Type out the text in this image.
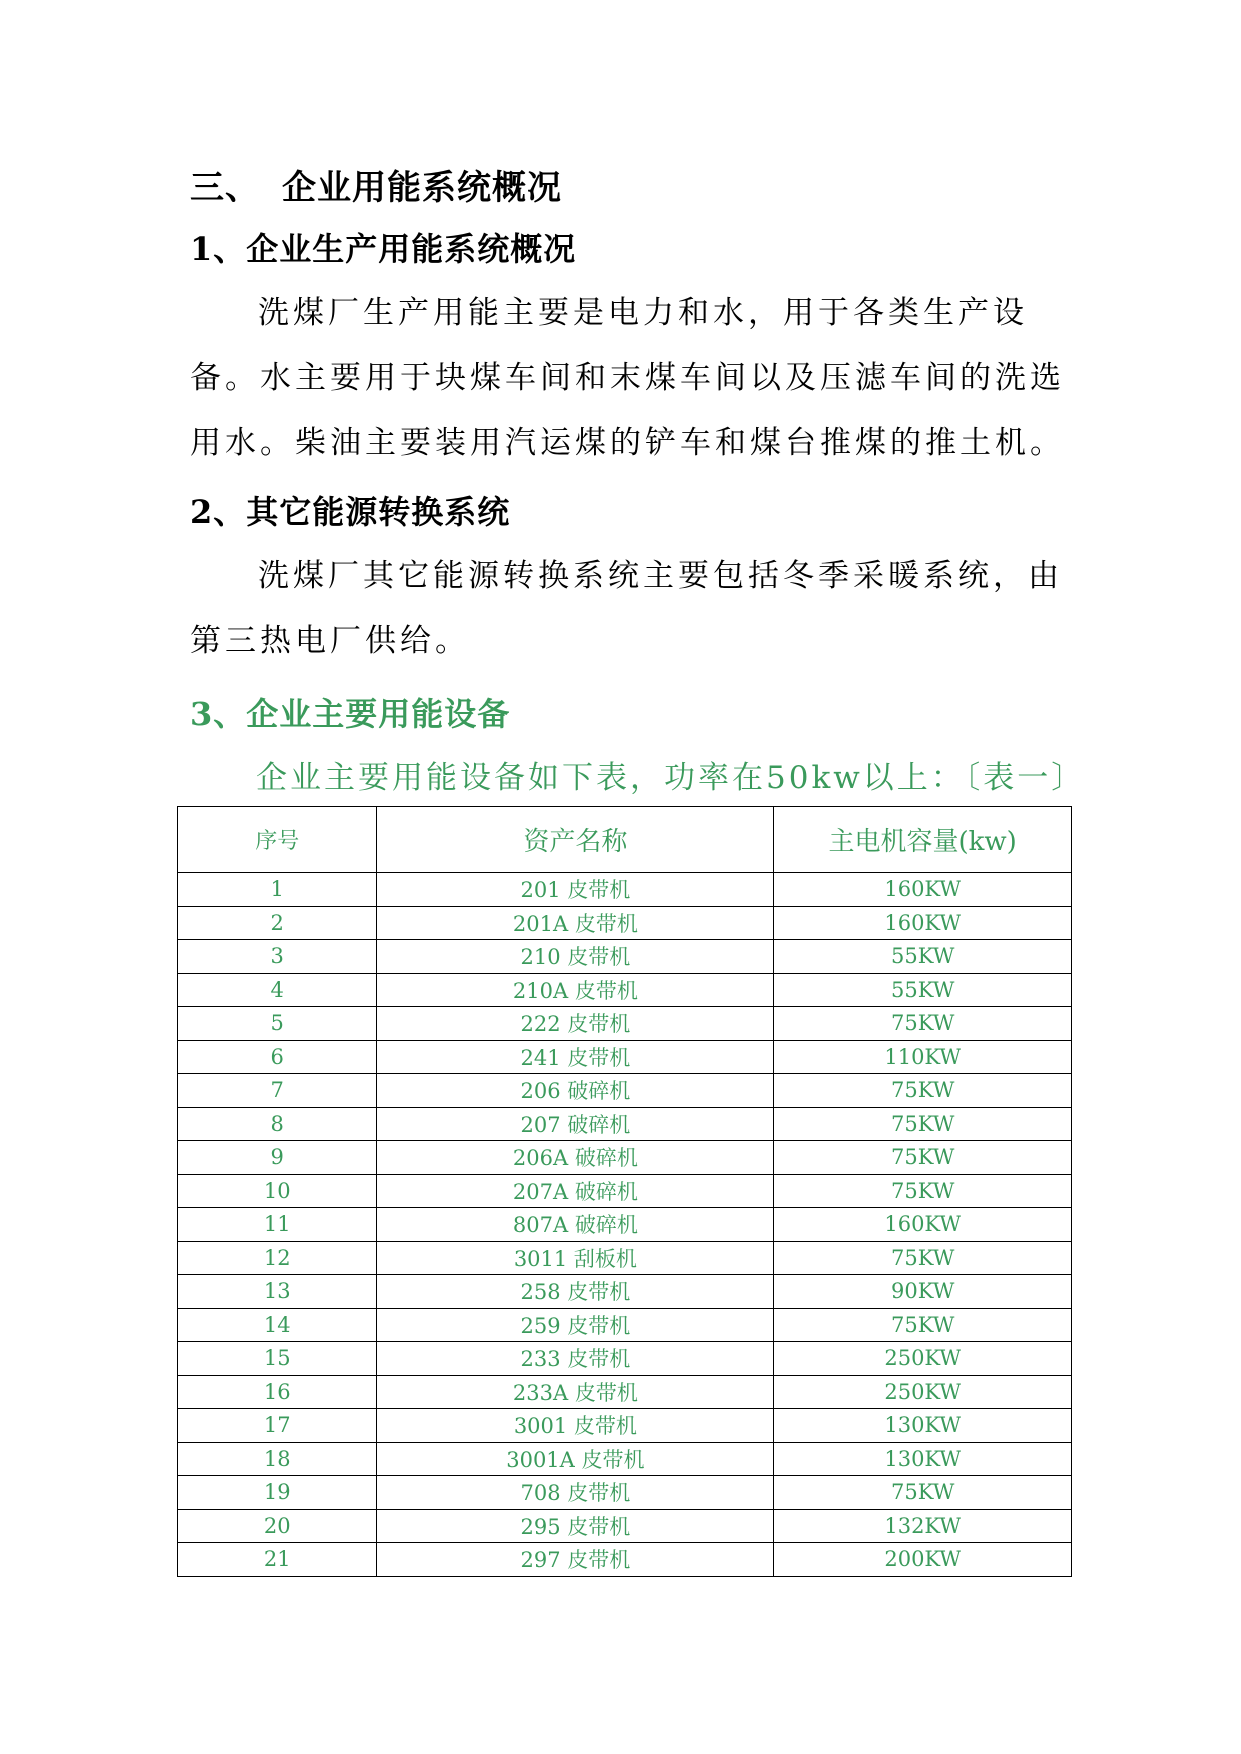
三、 企业用能系统概况
1、企业生产用能系统概况

洗煤厂生产用能主要是电力和水，用于各类生产设备。水主要用于块煤车间和末煤车间以及压滤车间的洗选用水。柴油主要装用汽运煤的铲车和煤台推煤的推土机。

2、其它能源转换系统

洗煤厂其它能源转换系统主要包括冬季采暖系统，由第三热电厂供给。

3、企业主要用能设备
企业主要用能设备如下表，功率在50kw以上：〔表一〕
序号	资产名称	主电机容量(kw)
1	201 皮带机	160KW
2	201A 皮带机	160KW
3	210 皮带机	55KW
4	210A 皮带机	55KW
5	222 皮带机	75KW
6	241 皮带机	110KW
7	206 破碎机	75KW
8	207 破碎机	75KW
9	206A 破碎机	75KW
10	207A 破碎机	75KW
11	807A 破碎机	160KW
12	3011 刮板机	75KW
13	258 皮带机	90KW
14	259 皮带机	75KW
15	233 皮带机	250KW
16	233A 皮带机	250KW
17	3001 皮带机	130KW
18	3001A 皮带机	130KW
19	708 皮带机	75KW
20	295 皮带机	132KW
21	297 皮带机	200KW
